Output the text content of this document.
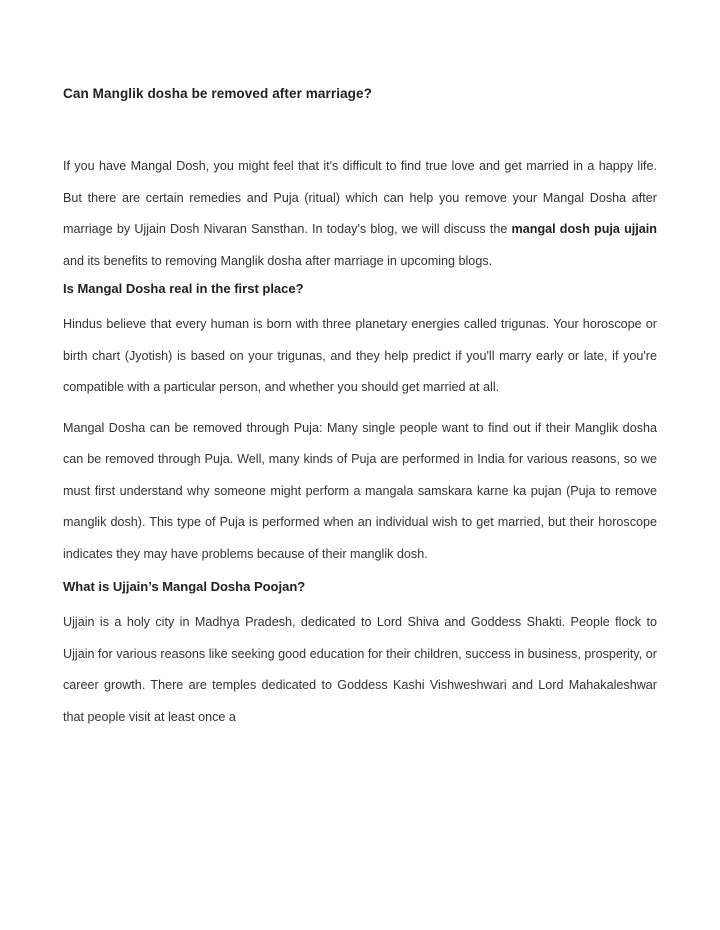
Can Manglik dosha be removed after marriage?

If you have Mangal Dosh, you might feel that it's difficult to find true love and get married in a happy life. But there are certain remedies and Puja (ritual) which can help you remove your Mangal Dosha after marriage by Ujjain Dosh Nivaran Sansthan. In today's blog, we will discuss the mangal dosh puja ujjain and its benefits to removing Manglik dosha after marriage in upcoming blogs.

Is Mangal Dosha real in the first place?

Hindus believe that every human is born with three planetary energies called trigunas. Your horoscope or birth chart (Jyotish) is based on your trigunas, and they help predict if you'll marry early or late, if you're compatible with a particular person, and whether you should get married at all.

Mangal Dosha can be removed through Puja: Many single people want to find out if their Manglik dosha can be removed through Puja. Well, many kinds of Puja are performed in India for various reasons, so we must first understand why someone might perform a mangala samskara karne ka pujan (Puja to remove manglik dosh). This type of Puja is performed when an individual wish to get married, but their horoscope indicates they may have problems because of their manglik dosh.

What is Ujjain’s Mangal Dosha Poojan?

Ujjain is a holy city in Madhya Pradesh, dedicated to Lord Shiva and Goddess Shakti. People flock to Ujjain for various reasons like seeking good education for their children, success in business, prosperity, or career growth. There are temples dedicated to Goddess Kashi Vishweshwari and Lord Mahakaleshwar that people visit at least once a
